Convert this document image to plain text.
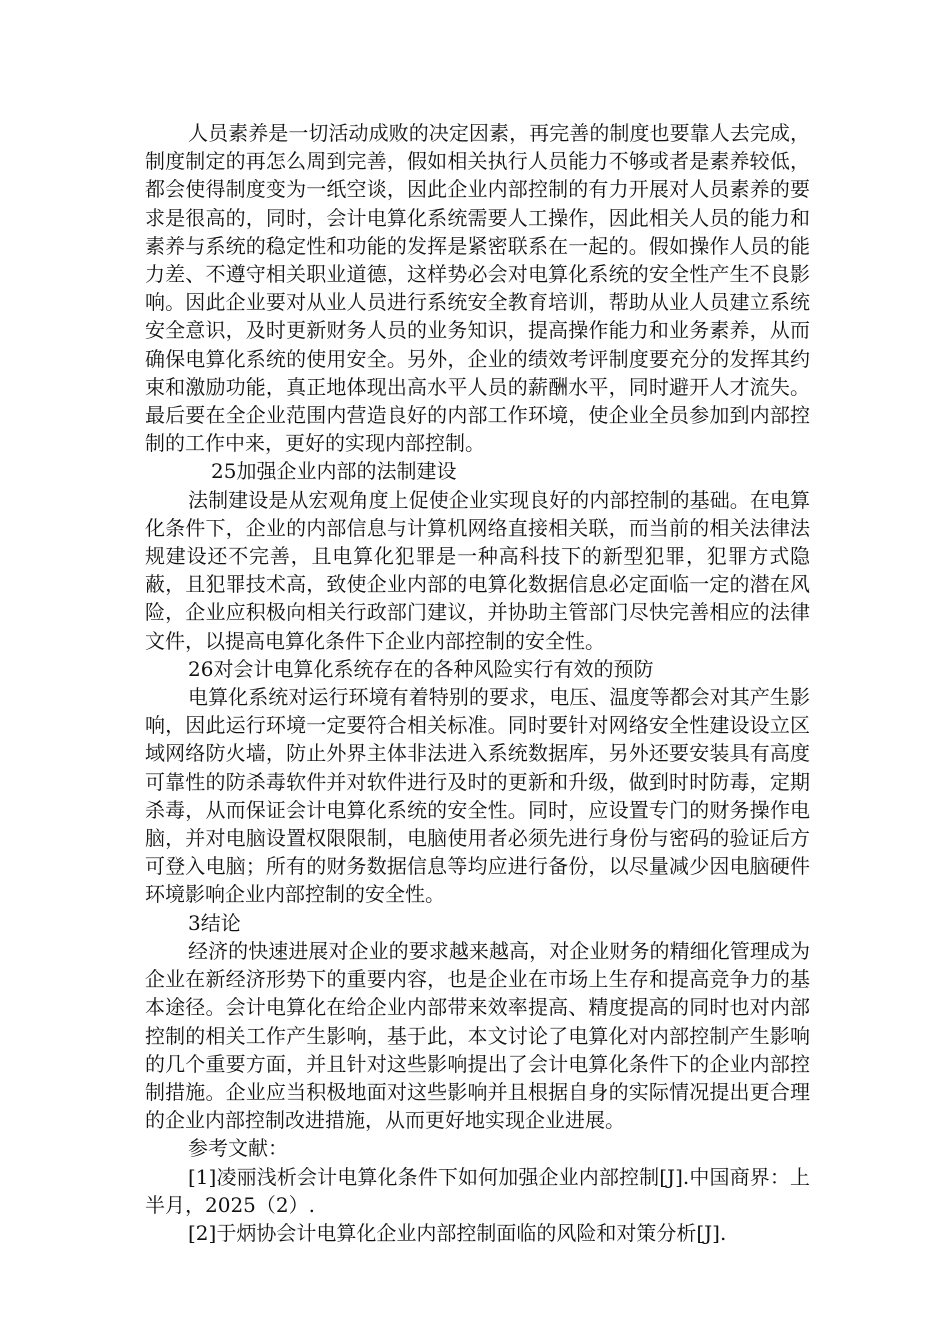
人员素养是一切活动成败的决定因素，再完善的制度也要靠人去完成，制度制定的再怎么周到完善，假如相关执行人员能力不够或者是素养较低，都会使得制度变为一纸空谈，因此企业内部控制的有力开展对人员素养的要求是很高的，同时，会计电算化系统需要人工操作，因此相关人员的能力和素养与系统的稳定性和功能的发挥是紧密联系在一起的。假如操作人员的能力差、不遵守相关职业道德，这样势必会对电算化系统的安全性产生不良影响。因此企业要对从业人员进行系统安全教育培训，帮助从业人员建立系统安全意识，及时更新财务人员的业务知识，提高操作能力和业务素养，从而确保电算化系统的使用安全。另外，企业的绩效考评制度要充分的发挥其约束和激励功能，真正地体现出高水平人员的薪酬水平，同时避开人才流失。最后要在全企业范围内营造良好的内部工作环境，使企业全员参加到内部控制的工作中来，更好的实现内部控制。

25加强企业内部的法制建设

法制建设是从宏观角度上促使企业实现良好的内部控制的基础。在电算化条件下，企业的内部信息与计算机网络直接相关联，而当前的相关法律法规建设还不完善，且电算化犯罪是一种高科技下的新型犯罪，犯罪方式隐蔽，且犯罪技术高，致使企业内部的电算化数据信息必定面临一定的潜在风险，企业应积极向相关行政部门建议，并协助主管部门尽快完善相应的法律文件，以提高电算化条件下企业内部控制的安全性。

26对会计电算化系统存在的各种风险实行有效的预防

电算化系统对运行环境有着特别的要求，电压、温度等都会对其产生影响，因此运行环境一定要符合相关标准。同时要针对网络安全性建设设立区域网络防火墙，防止外界主体非法进入系统数据库，另外还要安装具有高度可靠性的防杀毒软件并对软件进行及时的更新和升级，做到时时防毒，定期杀毒，从而保证会计电算化系统的安全性。同时，应设置专门的财务操作电脑，并对电脑设置权限限制，电脑使用者必须先进行身份与密码的验证后方可登入电脑；所有的财务数据信息等均应进行备份，以尽量减少因电脑硬件环境影响企业内部控制的安全性。

3结论

经济的快速进展对企业的要求越来越高，对企业财务的精细化管理成为企业在新经济形势下的重要内容，也是企业在市场上生存和提高竞争力的基本途径。会计电算化在给企业内部带来效率提高、精度提高的同时也对内部控制的相关工作产生影响，基于此，本文讨论了电算化对内部控制产生影响的几个重要方面，并且针对这些影响提出了会计电算化条件下的企业内部控制措施。企业应当积极地面对这些影响并且根据自身的实际情况提出更合理的企业内部控制改进措施，从而更好地实现企业进展。

参考文献：

[1]凌丽浅析会计电算化条件下如何加强企业内部控制[J].中国商界：上半月，2025（2）.

[2]于炳协会计电算化企业内部控制面临的风险和对策分析[J].
